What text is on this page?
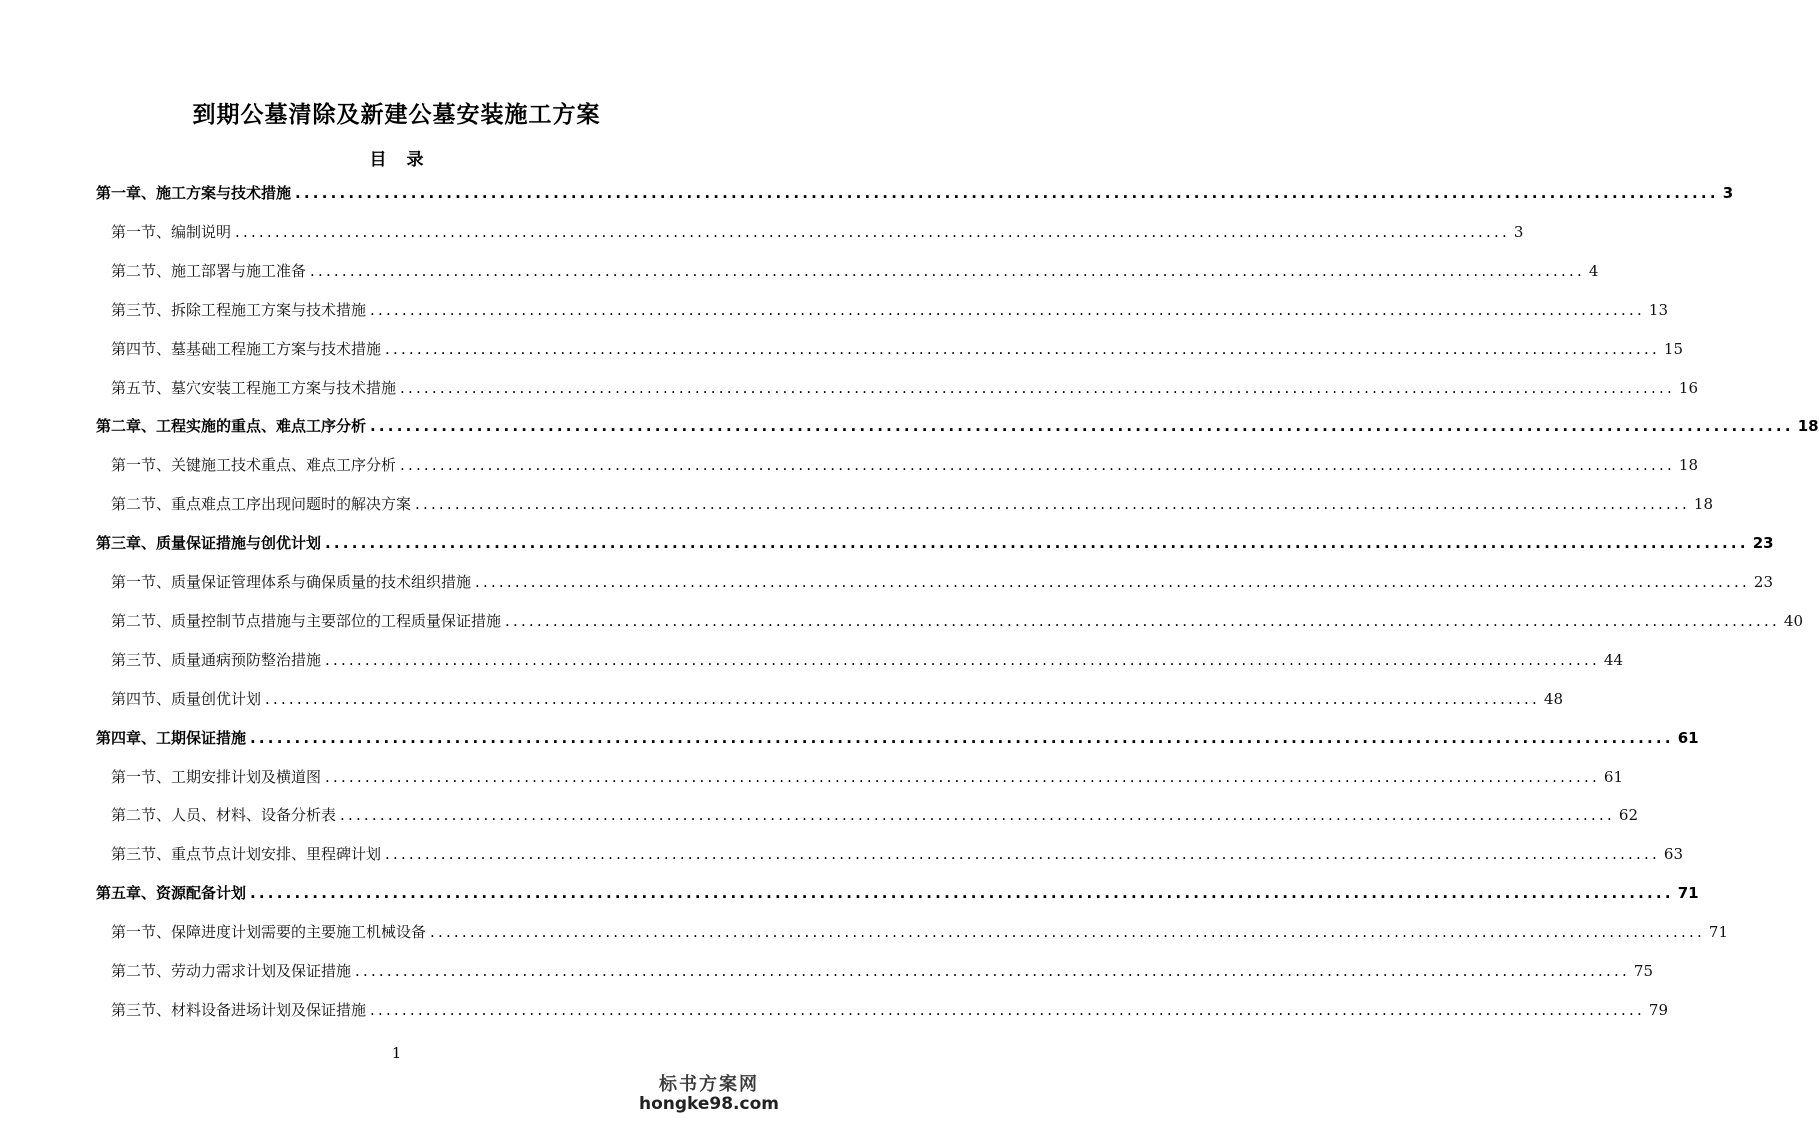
到期公墓清除及新建公墓安装施工方案
目 录
第一章、施工方案与技术措施 ................................................................................................................................................................ 3
第一节、编制说明 ................................................................................................................................................................ 3
第二节、施工部署与施工准备 ................................................................................................................................................................ 4
第三节、拆除工程施工方案与技术措施 ................................................................................................................................................................ 13
第四节、墓基础工程施工方案与技术措施 ................................................................................................................................................................ 15
第五节、墓穴安装工程施工方案与技术措施 ................................................................................................................................................................ 16
第二章、工程实施的重点、难点工序分析 ................................................................................................................................................................ 18
第一节、关键施工技术重点、难点工序分析 ................................................................................................................................................................ 18
第二节、重点难点工序出现问题时的解决方案 ................................................................................................................................................................ 18
第三章、质量保证措施与创优计划 ................................................................................................................................................................ 23
第一节、质量保证管理体系与确保质量的技术组织措施 ................................................................................................................................................................ 23
第二节、质量控制节点措施与主要部位的工程质量保证措施 ................................................................................................................................................................ 40
第三节、质量通病预防整治措施 ................................................................................................................................................................ 44
第四节、质量创优计划 ................................................................................................................................................................ 48
第四章、工期保证措施 ................................................................................................................................................................ 61
第一节、工期安排计划及横道图 ................................................................................................................................................................ 61
第二节、人员、材料、设备分析表 ................................................................................................................................................................ 62
第三节、重点节点计划安排、里程碑计划 ................................................................................................................................................................ 63
第五章、资源配备计划 ................................................................................................................................................................ 71
第一节、保障进度计划需要的主要施工机械设备 ................................................................................................................................................................ 71
第二节、劳动力需求计划及保证措施 ................................................................................................................................................................ 75
第三节、材料设备进场计划及保证措施 ................................................................................................................................................................ 79
1
标书方案网
hongke98.com
